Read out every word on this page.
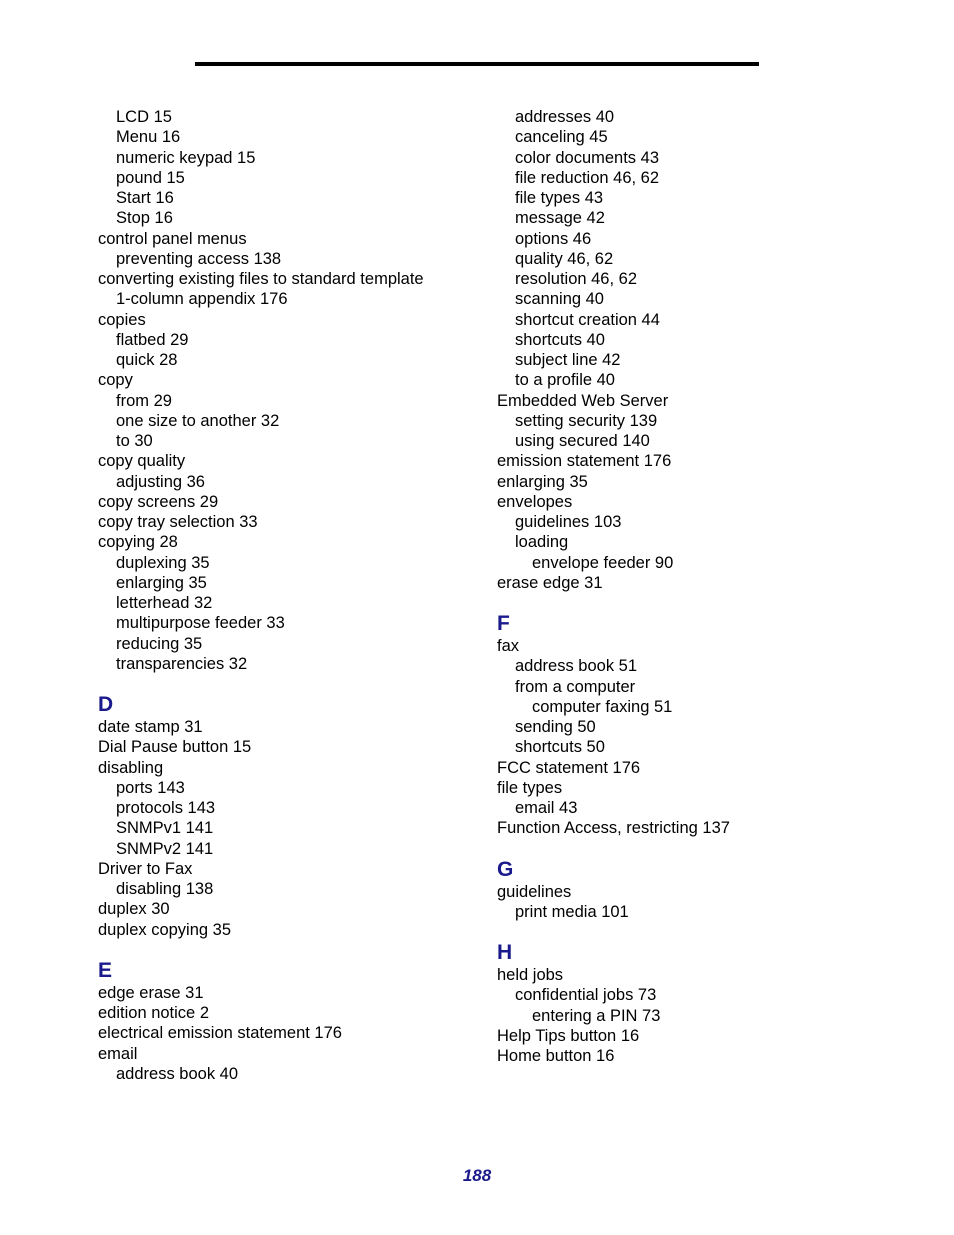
LCD 15
Menu 16
numeric keypad 15
pound 15
Start 16
Stop 16
control panel menus
preventing access 138
converting existing files to standard template
1-column appendix 176
copies
flatbed 29
quick 28
copy
from 29
one size to another 32
to 30
copy quality
adjusting 36
copy screens 29
copy tray selection 33
copying 28
duplexing 35
enlarging 35
letterhead 32
multipurpose feeder 33
reducing 35
transparencies 32
D
date stamp 31
Dial Pause button 15
disabling
ports 143
protocols 143
SNMPv1 141
SNMPv2 141
Driver to Fax
disabling 138
duplex 30
duplex copying 35
E
edge erase 31
edition notice 2
electrical emission statement 176
email
address book 40
addresses 40
canceling 45
color documents 43
file reduction 46, 62
file types 43
message 42
options 46
quality 46, 62
resolution 46, 62
scanning 40
shortcut creation 44
shortcuts 40
subject line 42
to a profile 40
Embedded Web Server
setting security 139
using secured 140
emission statement 176
enlarging 35
envelopes
guidelines 103
loading
envelope feeder 90
erase edge 31
F
fax
address book 51
from a computer
computer faxing 51
sending 50
shortcuts 50
FCC statement 176
file types
email 43
Function Access, restricting 137
G
guidelines
print media 101
H
held jobs
confidential jobs 73
entering a PIN 73
Help Tips button 16
Home button 16
188
